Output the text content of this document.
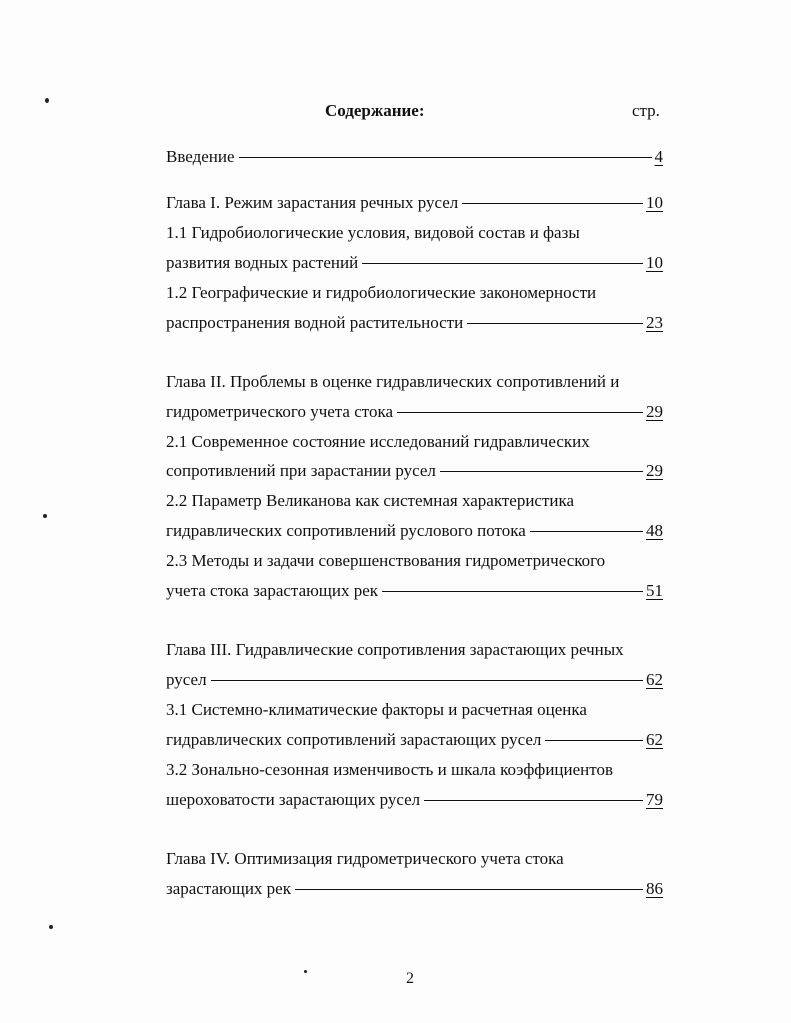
Содержание:	стр.
Введение	4
Глава I. Режим зарастания речных русел	10
1.1 Гидробиологические условия, видовой состав и фазы
развития водных растений	10
1.2 Географические и гидробиологические закономерности
распространения водной растительности	23
Глава II. Проблемы в оценке гидравлических сопротивлений и
гидрометрического учета стока	29
2.1 Современное состояние исследований гидравлических
сопротивлений при зарастании русел	29
2.2 Параметр Великанова как системная характеристика
гидравлических сопротивлений руслового потока	48
2.3 Методы и задачи совершенствования гидрометрического
учета стока зарастающих рек	51
Глава III. Гидравлические сопротивления зарастающих речных
русел	62
3.1 Системно-климатические факторы и расчетная оценка
гидравлических сопротивлений зарастающих русел	62
3.2 Зонально-сезонная изменчивость и шкала коэффициентов
шероховатости зарастающих русел	79
Глава IV. Оптимизация гидрометрического учета стока
зарастающих рек	86
2
